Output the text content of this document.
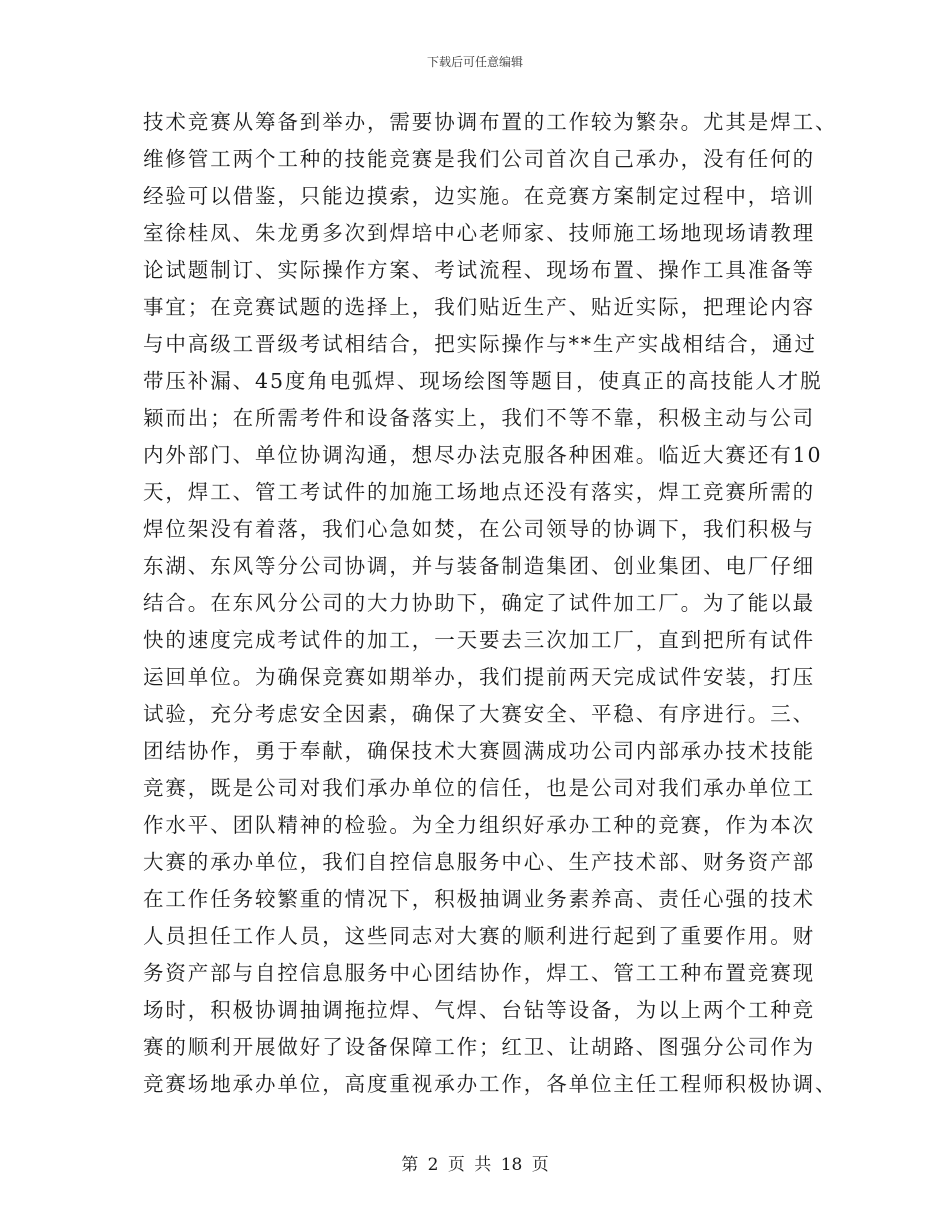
下载后可任意编辑
技术竞赛从筹备到举办，需要协调布置的工作较为繁杂。尤其是焊工、
维修管工两个工种的技能竞赛是我们公司首次自己承办，没有任何的
经验可以借鉴，只能边摸索，边实施。在竞赛方案制定过程中，培训
室徐桂凤、朱龙勇多次到焊培中心老师家、技师施工场地现场请教理
论试题制订、实际操作方案、考试流程、现场布置、操作工具准备等
事宜；在竞赛试题的选择上，我们贴近生产、贴近实际，把理论内容
与中高级工晋级考试相结合，把实际操作与**生产实战相结合，通过
带压补漏、45度角电弧焊、现场绘图等题目，使真正的高技能人才脱
颖而出；在所需考件和设备落实上，我们不等不靠，积极主动与公司
内外部门、单位协调沟通，想尽办法克服各种困难。临近大赛还有10
天，焊工、管工考试件的加施工场地点还没有落实，焊工竞赛所需的
焊位架没有着落，我们心急如焚，在公司领导的协调下，我们积极与
东湖、东风等分公司协调，并与装备制造集团、创业集团、电厂仔细
结合。在东风分公司的大力协助下，确定了试件加工厂。为了能以最
快的速度完成考试件的加工，一天要去三次加工厂，直到把所有试件
运回单位。为确保竞赛如期举办，我们提前两天完成试件安装，打压
试验，充分考虑安全因素，确保了大赛安全、平稳、有序进行。三、
团结协作，勇于奉献，确保技术大赛圆满成功公司内部承办技术技能
竞赛，既是公司对我们承办单位的信任，也是公司对我们承办单位工
作水平、团队精神的检验。为全力组织好承办工种的竞赛，作为本次
大赛的承办单位，我们自控信息服务中心、生产技术部、财务资产部
在工作任务较繁重的情况下，积极抽调业务素养高、责任心强的技术
人员担任工作人员，这些同志对大赛的顺利进行起到了重要作用。财
务资产部与自控信息服务中心团结协作，焊工、管工工种布置竞赛现
场时，积极协调抽调拖拉焊、气焊、台钻等设备，为以上两个工种竞
赛的顺利开展做好了设备保障工作；红卫、让胡路、图强分公司作为
竞赛场地承办单位，高度重视承办工作，各单位主任工程师积极协调、
第 2 页 共 18 页
